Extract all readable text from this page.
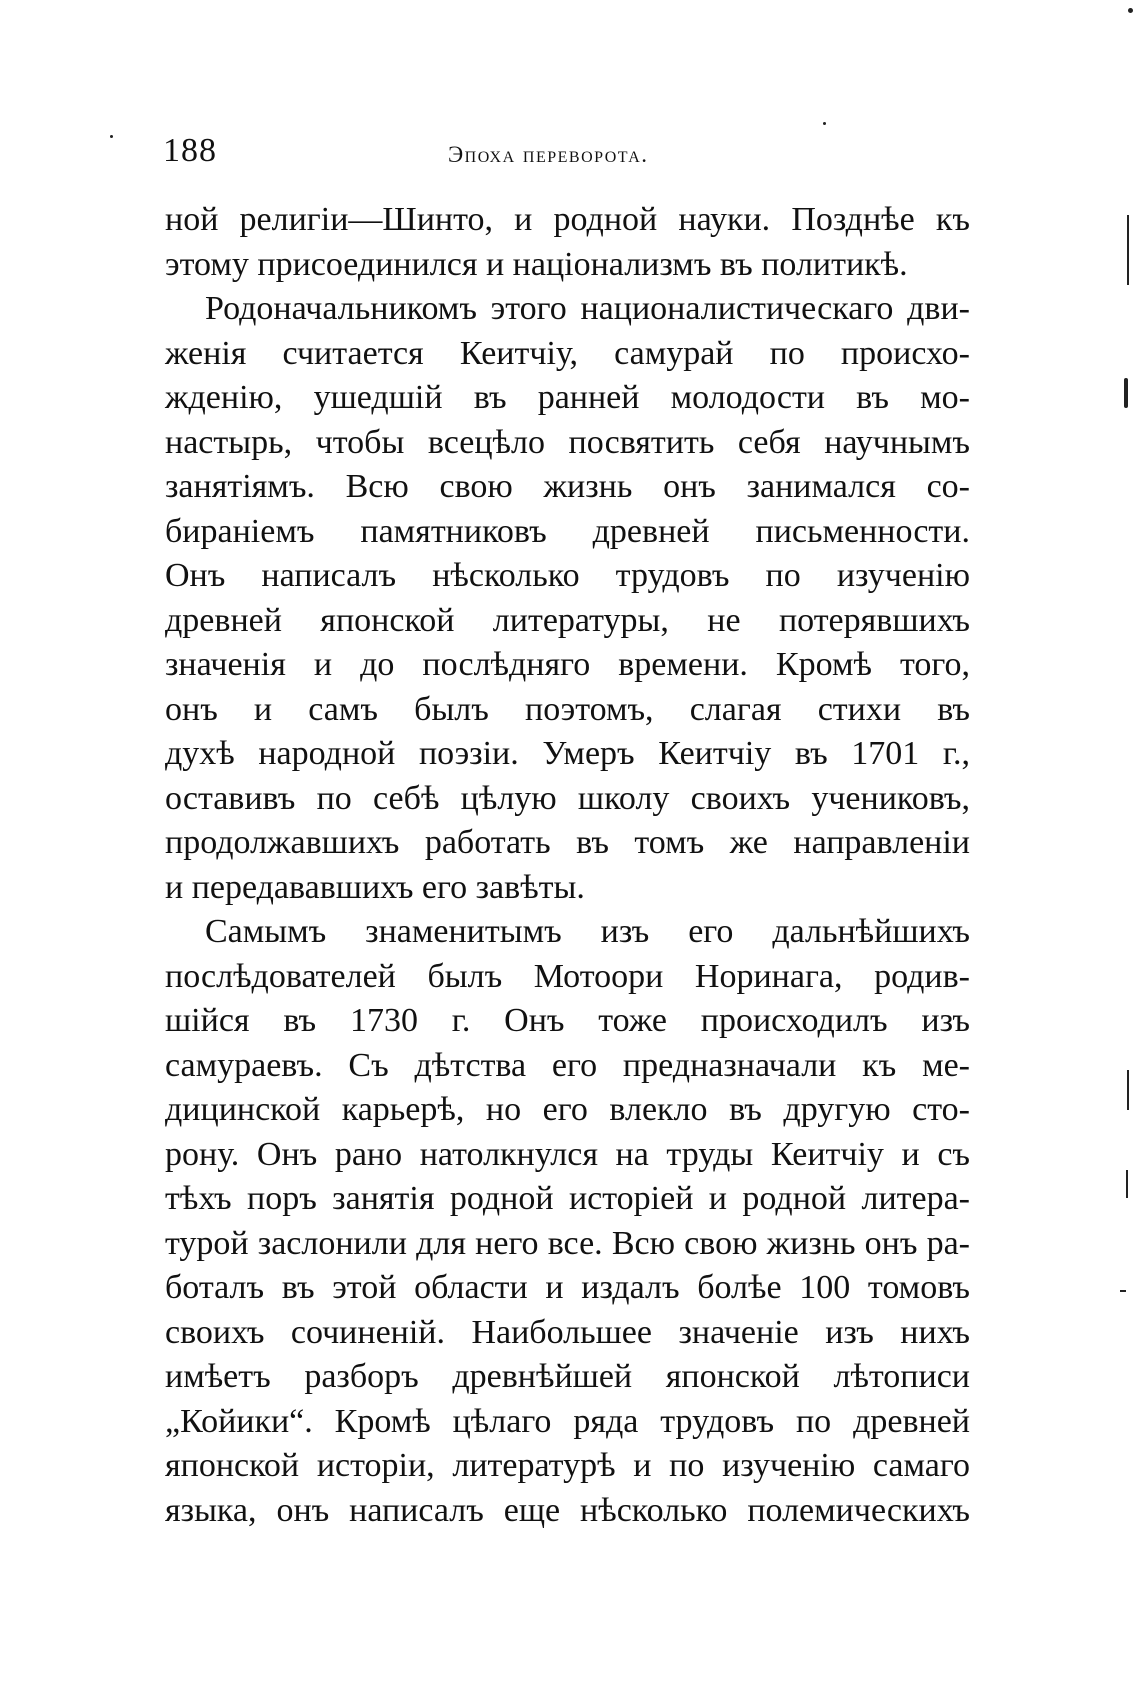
188	Эпоха переворота.
ной религіи—Шинто, и родной науки. Позднѣе къ
этому присоединился и націонализмъ въ политикѣ.
Родоначальникомъ этого националистическаго дви-
женія считается Кеитчіу, самурай по происхо-
жденію, ушедшій въ ранней молодости въ мо-
настырь, чтобы всецѣло посвятить себя научнымъ
занятіямъ. Всю свою жизнь онъ занимался со-
бираніемъ памятниковъ древней письменности.
Онъ написалъ нѣсколько трудовъ по изученію
древней японской литературы, не потерявшихъ
значенія и до послѣдняго времени. Кромѣ того,
онъ и самъ былъ поэтомъ, слагая стихи въ
духѣ народной поэзіи. Умеръ Кеитчіу въ 1701 г.,
оставивъ по себѣ цѣлую школу своихъ учениковъ,
продолжавшихъ работать въ томъ же направленіи
и передававшихъ его завѣты.
Самымъ знаменитымъ изъ его дальнѣйшихъ
послѣдователей былъ Мотоори Норинага, родив-
шійся въ 1730 г. Онъ тоже происходилъ изъ
самураевъ. Съ дѣтства его предназначали къ ме-
дицинской карьерѣ, но его влекло въ другую сто-
рону. Онъ рано натолкнулся на труды Кеитчіу и съ
тѣхъ поръ занятія родной исторіей и родной литера-
турой заслонили для него все. Всю свою жизнь онъ ра-
боталъ въ этой области и издалъ болѣе 100 томовъ
своихъ сочиненій. Наибольшее значеніе изъ нихъ
имѣетъ разборъ древнѣйшей японской лѣтописи
„Койики“. Кромѣ цѣлаго ряда трудовъ по древней
японской исторіи, литературѣ и по изученію самаго
языка, онъ написалъ еще нѣсколько полемическихъ
